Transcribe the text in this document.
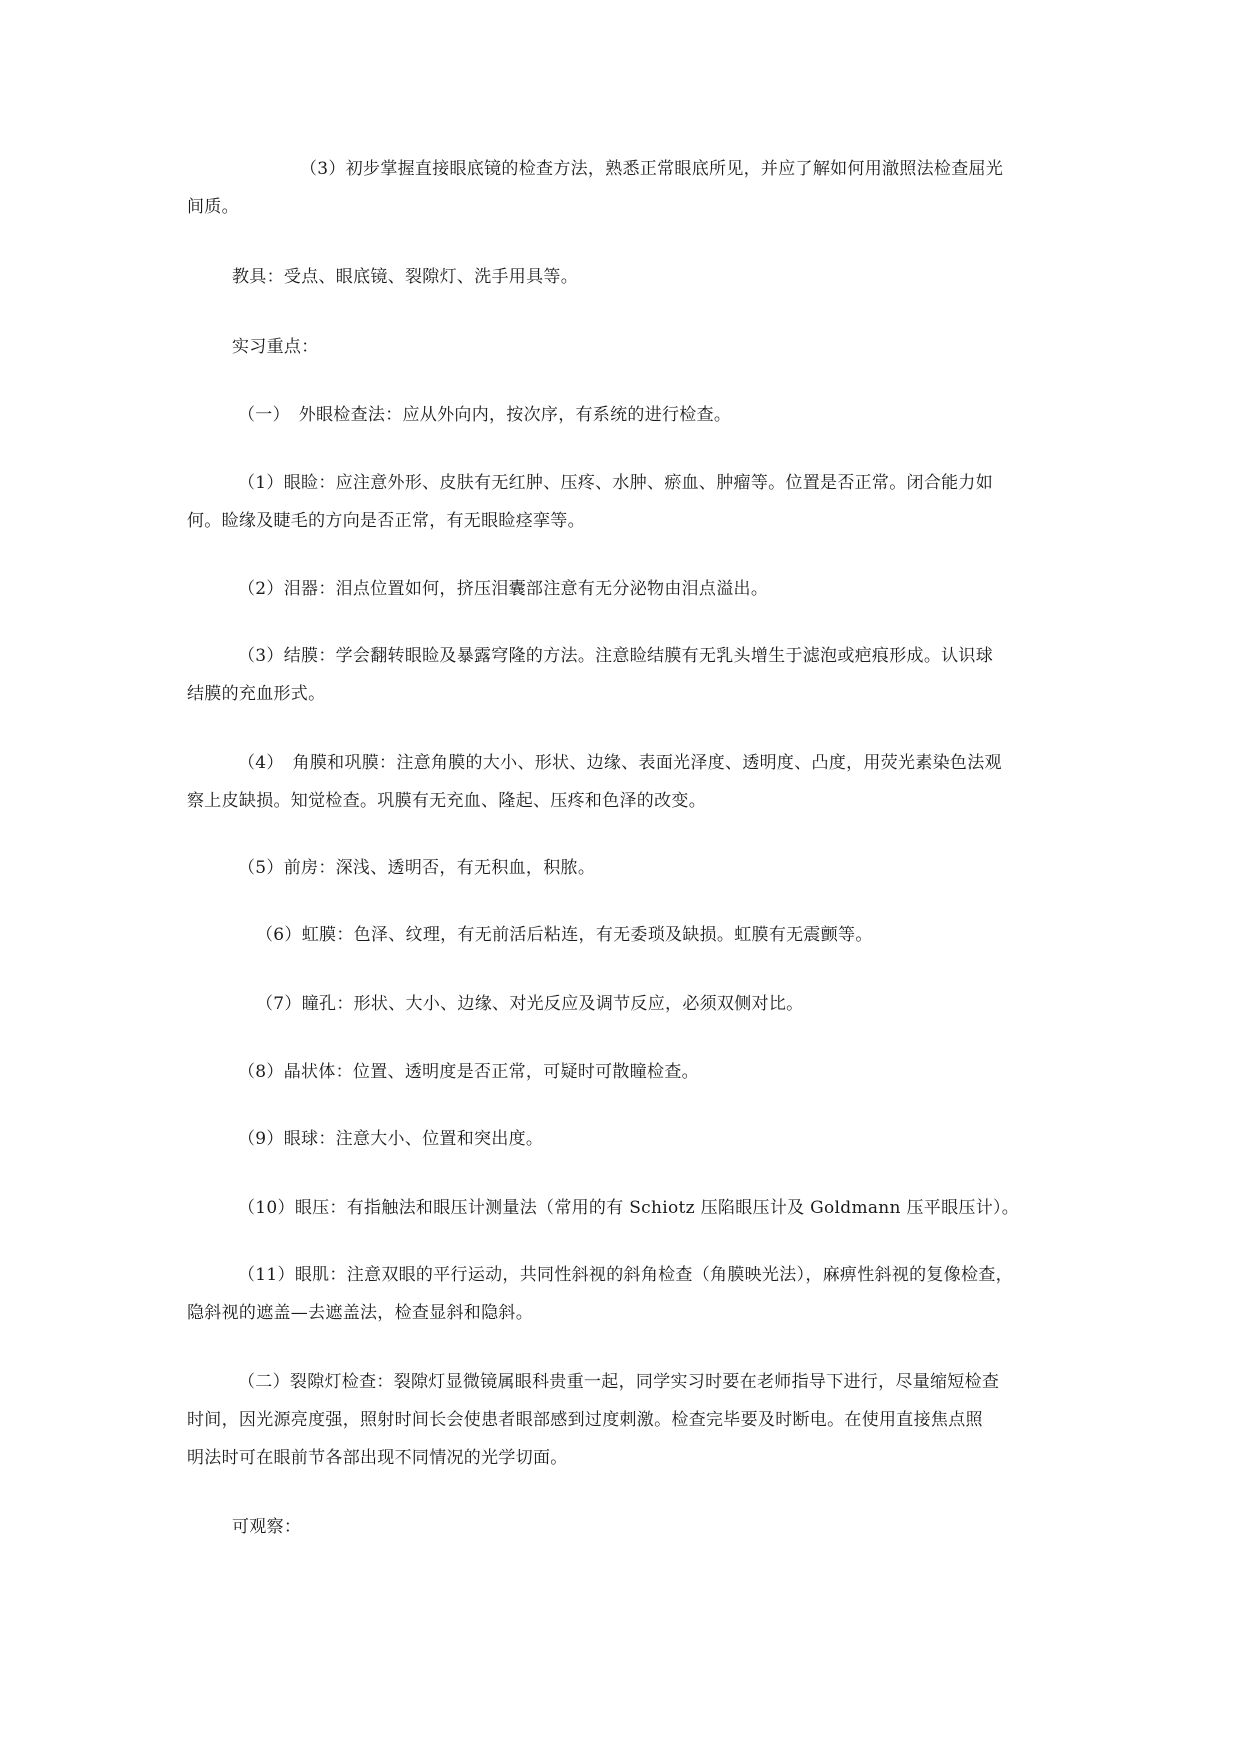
（3）初步掌握直接眼底镜的检查方法，熟悉正常眼底所见，并应了解如何用澈照法检查屈光
间质。
教具：受点、眼底镜、裂隙灯、洗手用具等。
实习重点：
（一）　外眼检查法：应从外向内，按次序，有系统的进行检查。
（1）眼睑：应注意外形、皮肤有无红肿、压疼、水肿、瘀血、肿瘤等。位置是否正常。闭合能力如
何。睑缘及睫毛的方向是否正常，有无眼睑痉挛等。
（2）泪器：泪点位置如何，挤压泪囊部注意有无分泌物由泪点溢出。
（3）结膜：学会翻转眼睑及暴露穹隆的方法。注意睑结膜有无乳头增生于滤泡或疤痕形成。认识球
结膜的充血形式。
（4）　角膜和巩膜：注意角膜的大小、形状、边缘、表面光泽度、透明度、凸度，用荧光素染色法观
察上皮缺损。知觉检查。巩膜有无充血、隆起、压疼和色泽的改变。
（5）前房：深浅、透明否，有无积血，积脓。
（6）虹膜：色泽、纹理，有无前活后粘连，有无委琐及缺损。虹膜有无震颤等。
（7）瞳孔：形状、大小、边缘、对光反应及调节反应，必须双侧对比。
（8）晶状体：位置、透明度是否正常，可疑时可散瞳检查。
（9）眼球：注意大小、位置和突出度。
（10）眼压：有指触法和眼压计测量法（常用的有 Schiotz 压陷眼压计及 Goldmann 压平眼压计）。
（11）眼肌：注意双眼的平行运动，共同性斜视的斜角检查（角膜映光法），麻痹性斜视的复像检查，
隐斜视的遮盖—去遮盖法，检查显斜和隐斜。
（二）裂隙灯检查：裂隙灯显微镜属眼科贵重一起，同学实习时要在老师指导下进行，尽量缩短检查
时间，因光源亮度强，照射时间长会使患者眼部感到过度刺激。检查完毕要及时断电。在使用直接焦点照
明法时可在眼前节各部出现不同情况的光学切面。
可观察：
